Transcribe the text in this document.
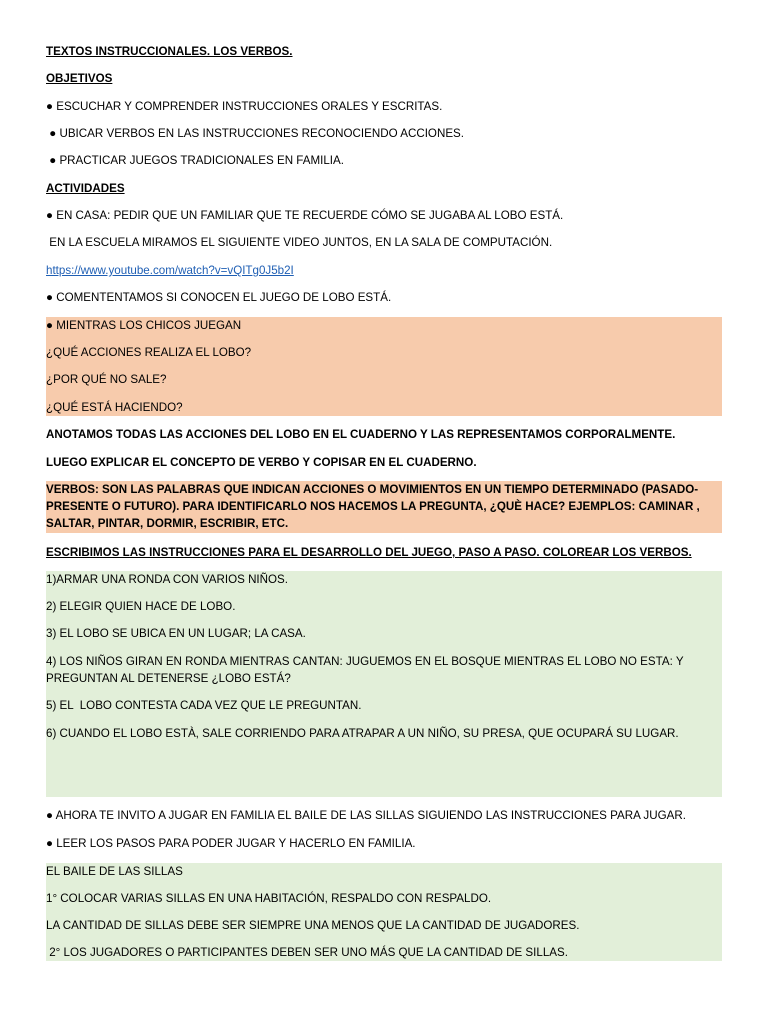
TEXTOS INSTRUCCIONALES. LOS VERBOS.
OBJETIVOS
● ESCUCHAR Y COMPRENDER INSTRUCCIONES ORALES Y ESCRITAS.
● UBICAR VERBOS EN LAS INSTRUCCIONES RECONOCIENDO ACCIONES.
● PRACTICAR JUEGOS TRADICIONALES EN FAMILIA.
ACTIVIDADES
● EN CASA: PEDIR QUE UN FAMILIAR QUE TE RECUERDE CÓMO SE JUGABA AL LOBO ESTÁ.
EN LA ESCUELA MIRAMOS EL SIGUIENTE VIDEO JUNTOS, EN LA SALA DE COMPUTACIÓN.
https://www.youtube.com/watch?v=vQITg0J5b2I
● COMENTENTAMOS SI CONOCEN EL JUEGO DE LOBO ESTÁ.
● MIENTRAS LOS CHICOS JUEGAN
¿QUÉ ACCIONES REALIZA EL LOBO?
¿POR QUÉ NO SALE?
¿QUÉ ESTÁ HACIENDO?
ANOTAMOS TODAS LAS ACCIONES DEL LOBO EN EL CUADERNO Y LAS REPRESENTAMOS CORPORALMENTE.
LUEGO EXPLICAR EL CONCEPTO DE VERBO Y COPISAR EN EL CUADERNO.
VERBOS: SON LAS PALABRAS QUE INDICAN ACCIONES O MOVIMIENTOS EN UN TIEMPO DETERMINADO (PASADO-PRESENTE O FUTURO). PARA IDENTIFICARLO NOS HACEMOS LA PREGUNTA, ¿QUÈ HACE? EJEMPLOS: CAMINAR , SALTAR, PINTAR, DORMIR, ESCRIBIR, ETC.
ESCRIBIMOS LAS INSTRUCCIONES PARA EL DESARROLLO DEL JUEGO, PASO A PASO. COLOREAR LOS VERBOS.
1)ARMAR UNA RONDA CON VARIOS NIÑOS.
2) ELEGIR QUIEN HACE DE LOBO.
3) EL LOBO SE UBICA EN UN LUGAR; LA CASA.
4) LOS NIÑOS GIRAN EN RONDA MIENTRAS CANTAN: JUGUEMOS EN EL BOSQUE MIENTRAS EL LOBO NO ESTA: Y PREGUNTAN AL DETENERSE ¿LOBO ESTÁ?
5) EL  LOBO CONTESTA CADA VEZ QUE LE PREGUNTAN.
6) CUANDO EL LOBO ESTÀ, SALE CORRIENDO PARA ATRAPAR A UN NIÑO, SU PRESA, QUE OCUPARÁ SU LUGAR.
● AHORA TE INVITO A JUGAR EN FAMILIA EL BAILE DE LAS SILLAS SIGUIENDO LAS INSTRUCCIONES PARA JUGAR.
● LEER LOS PASOS PARA PODER JUGAR Y HACERLO EN FAMILIA.
EL BAILE DE LAS SILLAS
1° COLOCAR VARIAS SILLAS EN UNA HABITACIÓN, RESPALDO CON RESPALDO.
LA CANTIDAD DE SILLAS DEBE SER SIEMPRE UNA MENOS QUE LA CANTIDAD DE JUGADORES.
2° LOS JUGADORES O PARTICIPANTES DEBEN SER UNO MÁS QUE LA CANTIDAD DE SILLAS.
